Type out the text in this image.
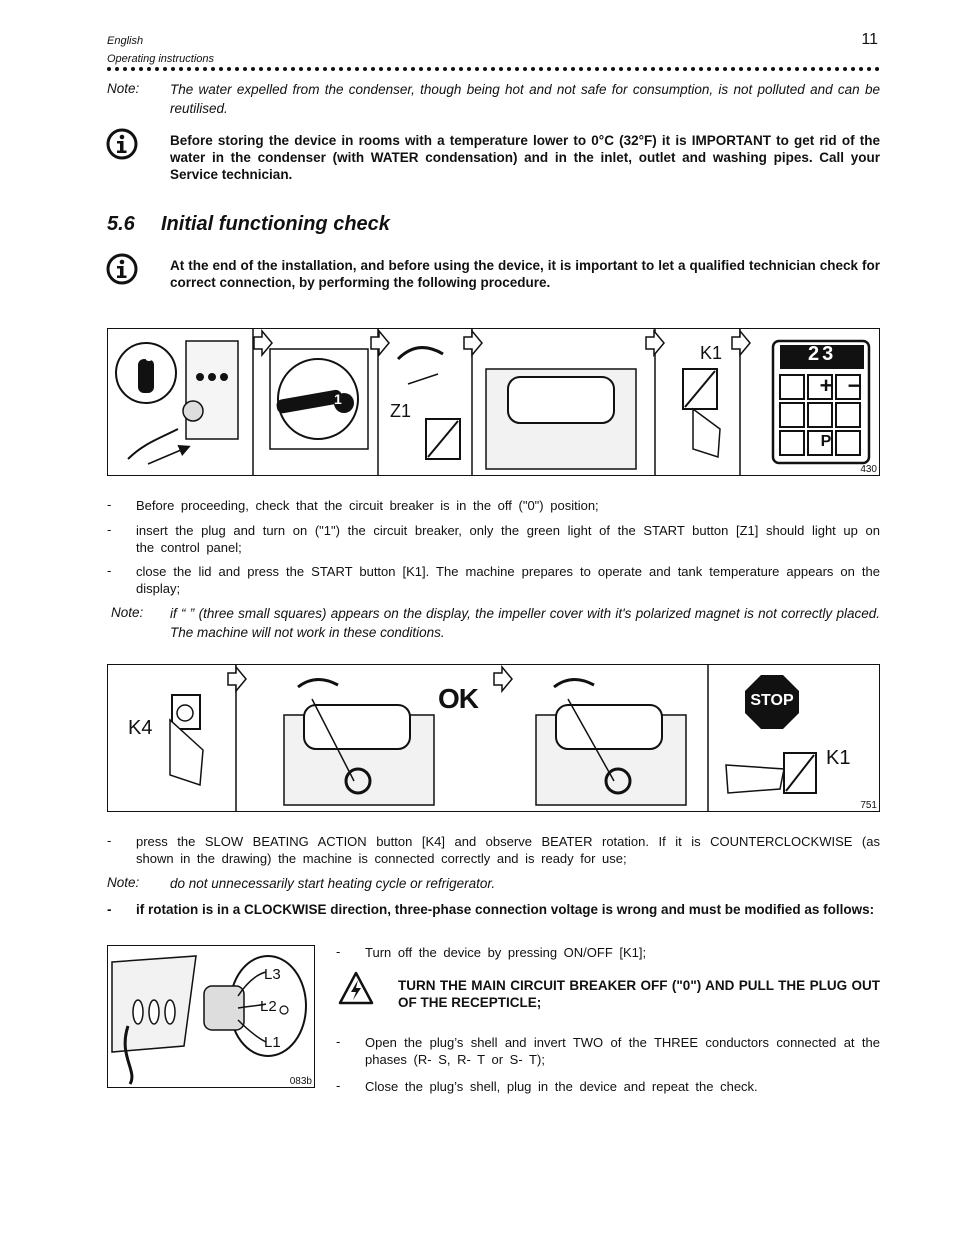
English
Operating instructions
11
Note: The water expelled from the condenser, though being hot and not safe for consumption, is not polluted and can be reutilised.
Before storing the device in rooms with a temperature lower to 0°C (32°F) it is IMPORTANT to get rid of the water in the condenser (with WATER condensation) and in the inlet, outlet and washing pipes. Call your Service technician.
5.6 Initial functioning check
At the end of the installation, and before using the device, it is important to let a qualified technician check for correct connection, by performing the following procedure.
0
1
Z1
K1	23
+ −
P
430
- Before proceeding, check that the circuit breaker is in the off ("0") position;
- insert the plug and turn on ("1") the circuit breaker, only the green light of the START button [Z1] should light up on the control panel;
- close the lid and press the START button [K1]. The machine prepares to operate and tank temperature appears on the display;
Note: if “ ” (three small squares) appears on the display, the impeller cover with it's polarized magnet is not correctly placed. The machine will not work in these conditions.
K4
OK	STOP
K1
751
- press the SLOW BEATING ACTION button [K4] and observe BEATER rotation. If it is COUNTERCLOCKWISE (as shown in the drawing) the machine is connected correctly and is ready for use;
Note: do not unnecessarily start heating cycle or refrigerator.
- if rotation is in a CLOCKWISE direction, three-phase connection voltage is wrong and must be modified as follows:
L3
L2
L1
083b
- Turn off the device by pressing ON/OFF [K1];
TURN THE MAIN CIRCUIT BREAKER OFF ("0") AND PULL THE PLUG OUT OF THE RECEPTICLE;
- Open the plug’s shell and invert TWO of the THREE conductors connected at the phases (R- S, R- T or S- T);
- Close the plug’s shell, plug in the device and repeat the check.
